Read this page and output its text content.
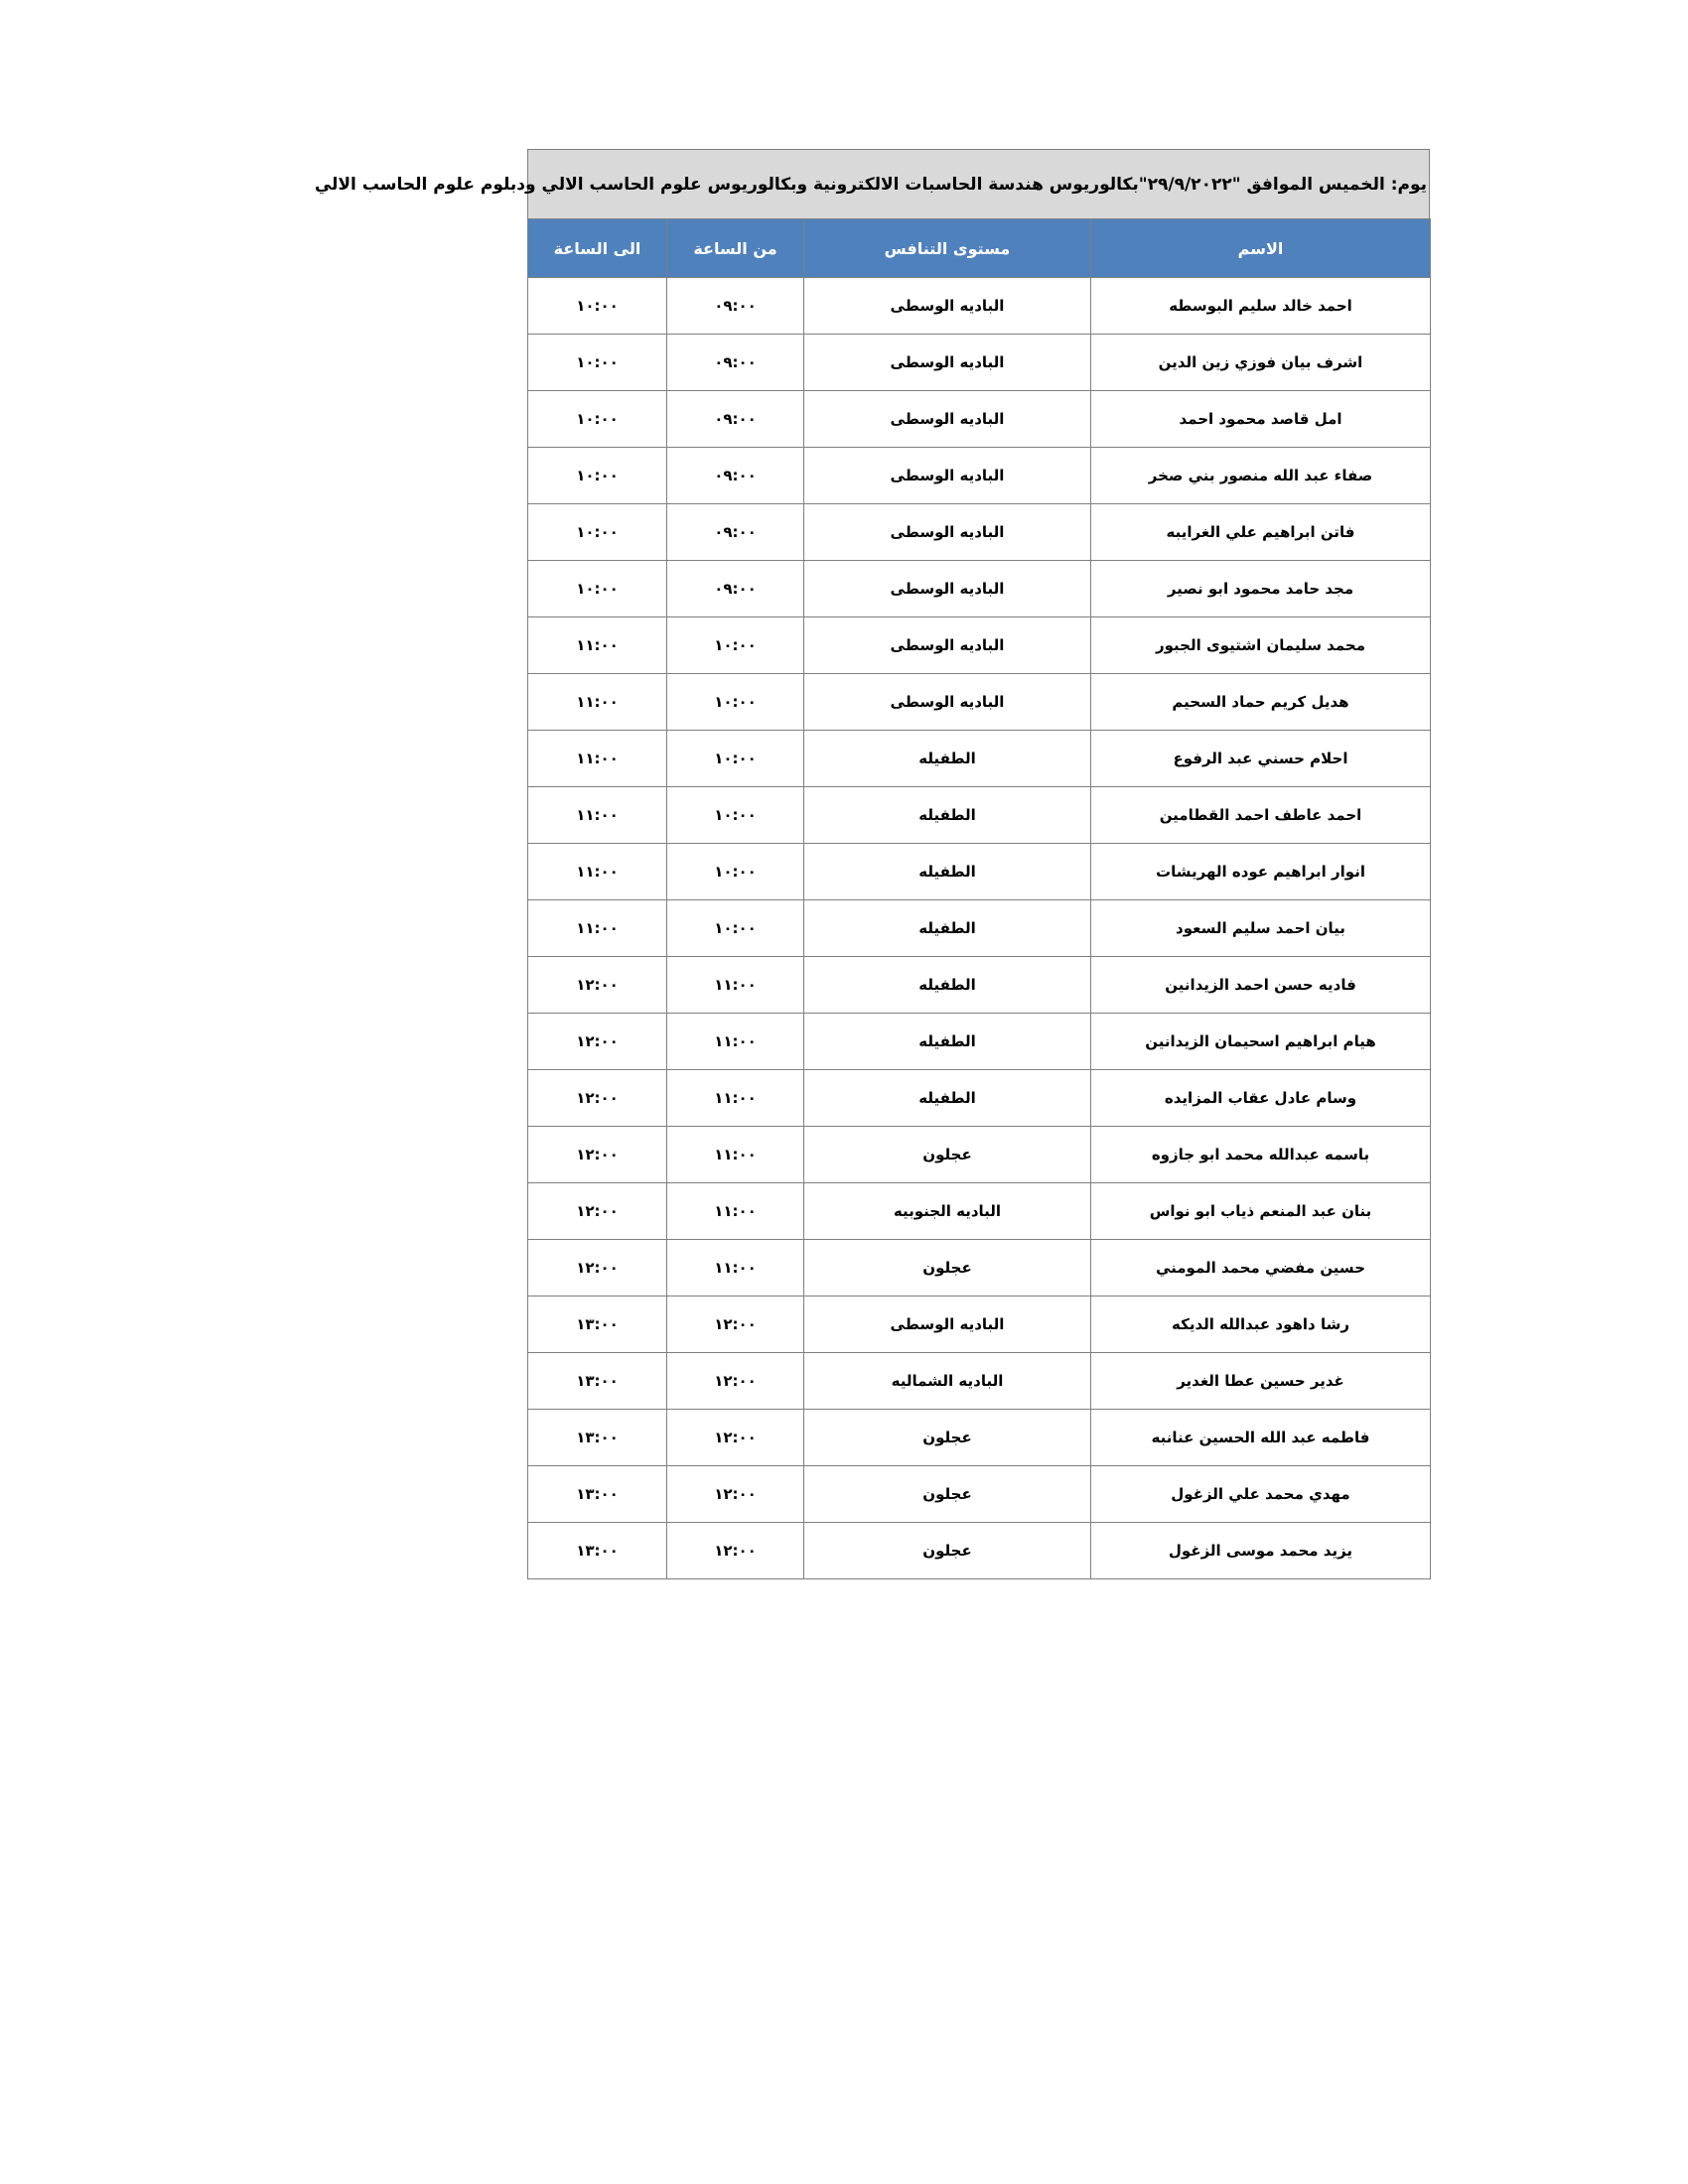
يوم: الخميس الموافق "٢٩/٩/٢٠٢٢"بكالوريوس هندسة الحاسبات الالكترونية وبكالوريوس علوم الحاسب الالي ودبلوم علوم الحاسب الالي
الاسم	مستوى التنافس	من الساعة	الى الساعة
احمد خالد سليم البوسطه	الباديه الوسطى	٠٩:٠٠	١٠:٠٠
اشرف بيان فوزي زين الدين	الباديه الوسطى	٠٩:٠٠	١٠:٠٠
امل قاصد محمود احمد	الباديه الوسطى	٠٩:٠٠	١٠:٠٠
صفاء عبد الله منصور بني صخر	الباديه الوسطى	٠٩:٠٠	١٠:٠٠
فاتن ابراهيم علي الغرايبه	الباديه الوسطى	٠٩:٠٠	١٠:٠٠
مجد حامد محمود ابو نصير	الباديه الوسطى	٠٩:٠٠	١٠:٠٠
محمد سليمان اشتيوى الجبور	الباديه الوسطى	١٠:٠٠	١١:٠٠
هديل كريم حماد السحيم	الباديه الوسطى	١٠:٠٠	١١:٠٠
احلام حسني عبد الرفوع	الطفيله	١٠:٠٠	١١:٠٠
احمد عاطف احمد القطامين	الطفيله	١٠:٠٠	١١:٠٠
انوار ابراهيم عوده الهريشات	الطفيله	١٠:٠٠	١١:٠٠
بيان احمد سليم السعود	الطفيله	١٠:٠٠	١١:٠٠
فاديه حسن احمد الزيدانين	الطفيله	١١:٠٠	١٢:٠٠
هيام ابراهيم اسحيمان الزيدانين	الطفيله	١١:٠٠	١٢:٠٠
وسام عادل عقاب المزايده	الطفيله	١١:٠٠	١٢:٠٠
باسمه عبدالله محمد ابو جازوه	عجلون	١١:٠٠	١٢:٠٠
بنان عبد المنعم ذياب ابو نواس	الباديه الجنوبيه	١١:٠٠	١٢:٠٠
حسين مفضي محمد المومني	عجلون	١١:٠٠	١٢:٠٠
رشا داهود عبدالله الديكه	الباديه الوسطى	١٢:٠٠	١٣:٠٠
غدير حسين عطا الغدير	الباديه الشماليه	١٢:٠٠	١٣:٠٠
فاطمه عبد الله الحسين عنانبه	عجلون	١٢:٠٠	١٣:٠٠
مهدي محمد علي الزغول	عجلون	١٢:٠٠	١٣:٠٠
يزيد محمد موسى الزغول	عجلون	١٢:٠٠	١٣:٠٠
